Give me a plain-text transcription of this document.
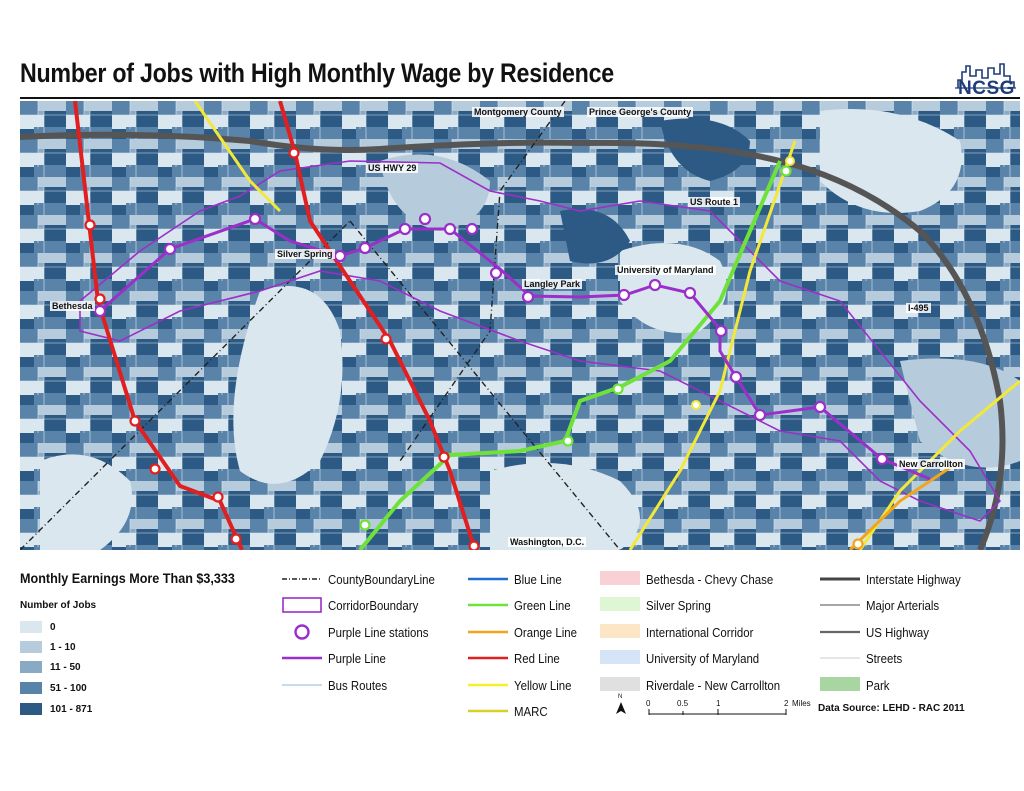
Number of Jobs with High Monthly Wage by Residence
NCSG
Montgomery County	Prince George's County
US HWY 29
US Route 1
Silver Spring
Langley Park
University of Maryland
Bethesda	I-495
New Carrollton
Washington, D.C.
Monthly Earnings More Than $3,333
Number of Jobs
0
1 - 10
11 - 50
51 - 100
101 - 871
CountyBoundaryLine
CorridorBoundary
Purple Line stations
Purple Line
Bus Routes
Blue Line
Green Line
Orange Line
Red Line
Yellow Line
MARC
Bethesda - Chevy Chase
Silver Spring
International Corridor
University of Maryland
Riverdale - New Carrollton
Interstate Highway
Major Arterials
US Highway
Streets
Park
N
0	0.5	1	2 Miles Data Source: LEHD - RAC 2011
